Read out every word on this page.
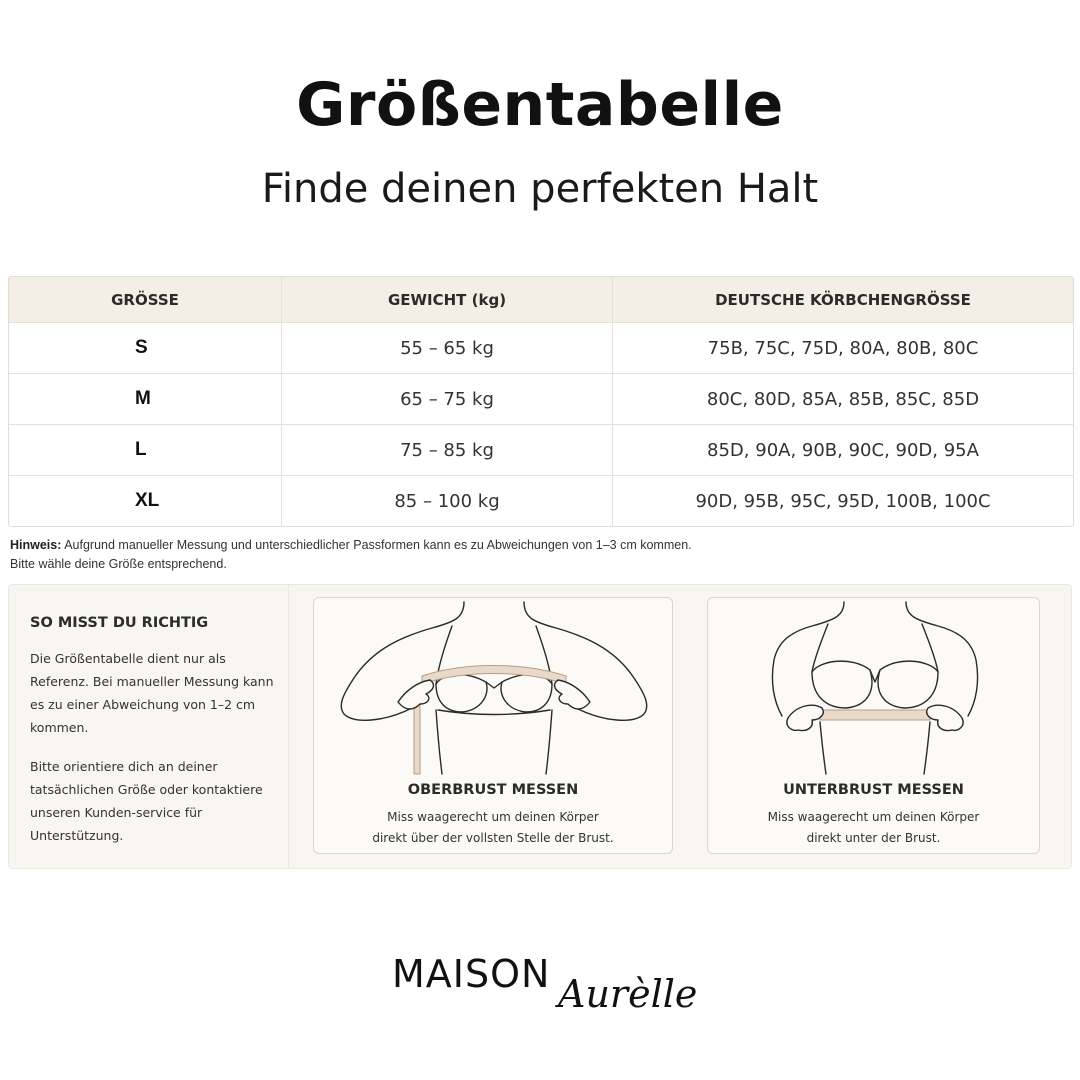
Größentabelle
Finde deinen perfekten Halt
GRÖSSE	GEWICHT (kg)	DEUTSCHE KÖRBCHENGRÖSSE
S	55 – 65 kg	75B, 75C, 75D, 80A, 80B, 80C
M	65 – 75 kg	80C, 80D, 85A, 85B, 85C, 85D
L	75 – 85 kg	85D, 90A, 90B, 90C, 90D, 95A
XL	85 – 100 kg	90D, 95B, 95C, 95D, 100B, 100C
Hinweis: Aufgrund manueller Messung und unterschiedlicher Passformen kann es zu Abweichungen von 1–3 cm kommen.
Bitte wähle deine Größe entsprechend.
SO MISST DU RICHTIG

Die Größentabelle dient nur als Referenz. Bei manueller Messung kann es zu einer Abweichung von 1–2 cm kommen.

Bitte orientiere dich an deiner tatsächlichen Größe oder kontaktiere unseren Kunden-service für Unterstützung.

OBERBRUST MESSEN
Miss waagerecht um deinen Körper
direkt über der vollsten Stelle der Brust.
UNTERBRUST MESSEN
Miss waagerecht um deinen Körper
direkt unter der Brust.
MAISON Aurèlle
